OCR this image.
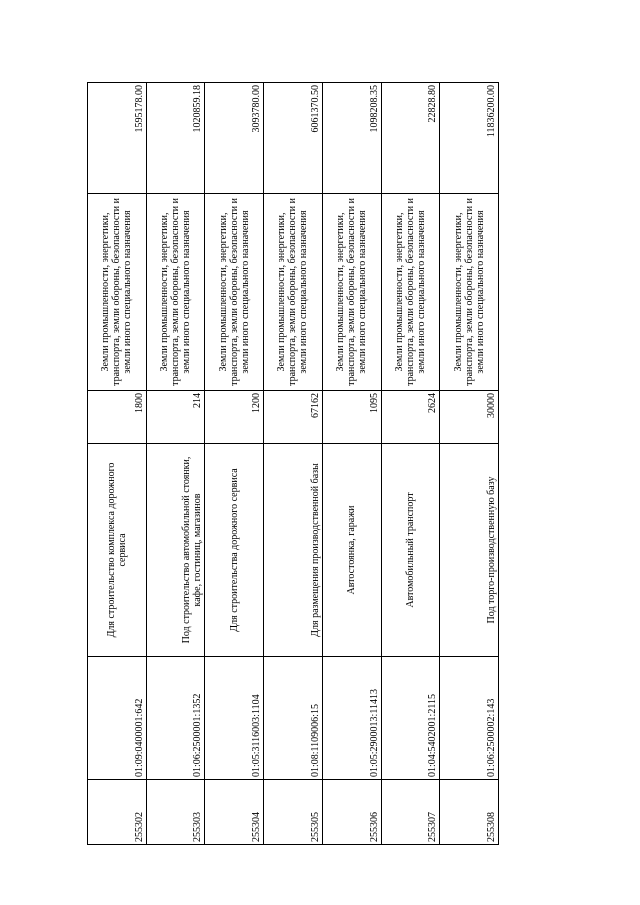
255302	01:09:0400001:642	Для строительство комплекса дорожного сервиса	1800	Земли промышленности, энергетики, транспорта, земли обороны, безопасности и земли иного специального назначения	1595178.00
255303	01:06:2500001:1352	Под строительство автомобильной стоянки, кафе, гостиниц, магазинов	214	Земли промышленности, энергетики, транспорта, земли обороны, безопасности и земли иного специального назначения	1020859.18
255304	01:05:3116003:1104	Для строительства дорожного сервиса	1200	Земли промышленности, энергетики, транспорта, земли обороны, безопасности и земли иного специального назначения	3093780.00
255305	01:08:1109006:15	Для размещения производственной базы	67162	Земли промышленности, энергетики, транспорта, земли обороны, безопасности и земли иного специального назначения	6061370.50
255306	01:05:2900013:11413	Автостоянка, гаражи	1095	Земли промышленности, энергетики, транспорта, земли обороны, безопасности и земли иного специального назначения	1098208.35
255307	01:04:5402001:2115	Автомобильный транспорт	2624	Земли промышленности, энергетики, транспорта, земли обороны, безопасности и земли иного специального назначения	22828.80
255308	01:06:2500002:143	Под торго-производственную базу	30000	Земли промышленности, энергетики, транспорта, земли обороны, безопасности и земли иного специального назначения	11836200.00
